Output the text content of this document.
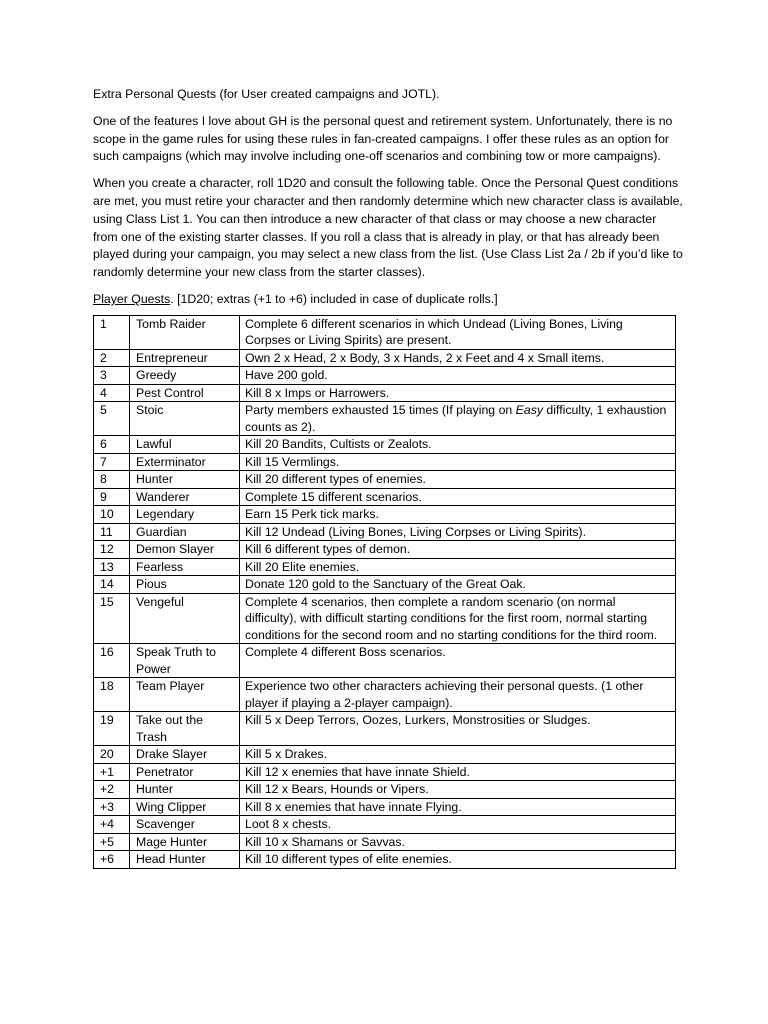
Extra Personal Quests (for User created campaigns and JOTL).

One of the features I love about GH is the personal quest and retirement system. Unfortunately, there is no scope in the game rules for using these rules in fan-created campaigns. I offer these rules as an option for such campaigns (which may involve including one-off scenarios and combining tow or more campaigns).

When you create a character, roll 1D20 and consult the following table. Once the Personal Quest conditions are met, you must retire your character and then randomly determine which new character class is available, using Class List 1. You can then introduce a new character of that class or may choose a new character from one of the existing starter classes. If you roll a class that is already in play, or that has already been played during your campaign, you may select a new class from the list. (Use Class List 2a / 2b if you’d like to randomly determine your new class from the starter classes).

Player Quests. [1D20; extras (+1 to +6) included in case of duplicate rolls.]

1	Tomb Raider	Complete 6 different scenarios in which Undead (Living Bones, Living Corpses or Living Spirits) are present.
2	Entrepreneur	Own 2 x Head, 2 x Body, 3 x Hands, 2 x Feet and 4 x Small items.
3	Greedy	Have 200 gold.
4	Pest Control	Kill 8 x Imps or Harrowers.
5	Stoic	Party members exhausted 15 times (If playing on Easy difficulty, 1 exhaustion counts as 2).
6	Lawful	Kill 20 Bandits, Cultists or Zealots.
7	Exterminator	Kill 15 Vermlings.
8	Hunter	Kill 20 different types of enemies.
9	Wanderer	Complete 15 different scenarios.
10	Legendary	Earn 15 Perk tick marks.
11	Guardian	Kill 12 Undead (Living Bones, Living Corpses or Living Spirits).
12	Demon Slayer	Kill 6 different types of demon.
13	Fearless	Kill 20 Elite enemies.
14	Pious	Donate 120 gold to the Sanctuary of the Great Oak.
15	Vengeful	Complete 4 scenarios, then complete a random scenario (on normal difficulty), with difficult starting conditions for the first room, normal starting conditions for the second room and no starting conditions for the third room.
16	Speak Truth to Power	Complete 4 different Boss scenarios.
18	Team Player	Experience two other characters achieving their personal quests. (1 other player if playing a 2-player campaign).
19	Take out the Trash	Kill 5 x Deep Terrors, Oozes, Lurkers, Monstrosities or Sludges.
20	Drake Slayer	Kill 5 x Drakes.
+1	Penetrator	Kill 12 x enemies that have innate Shield.
+2	Hunter	Kill 12 x Bears, Hounds or Vipers.
+3	Wing Clipper	Kill 8 x enemies that have innate Flying.
+4	Scavenger	Loot 8 x chests.
+5	Mage Hunter	Kill 10 x Shamans or Savvas.
+6	Head Hunter	Kill 10 different types of elite enemies.
